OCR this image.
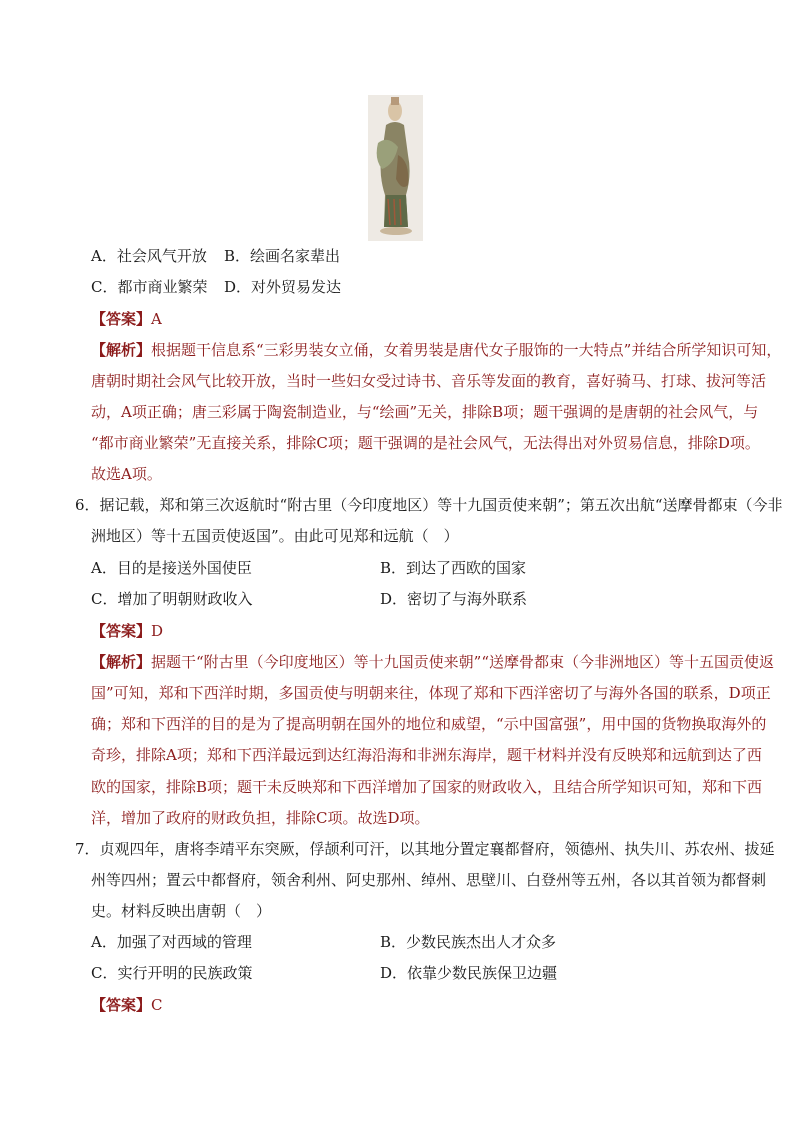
A．社会风气开放 B．绘画名家辈出
C．都市商业繁荣 D．对外贸易发达
【答案】A
【解析】根据题干信息系“三彩男装女立俑，女着男装是唐代女子服饰的一大特点”并结合所学知识可知，
唐朝时期社会风气比较开放，当时一些妇女受过诗书、音乐等发面的教育，喜好骑马、打球、拔河等活
动，A项正确；唐三彩属于陶瓷制造业，与“绘画”无关，排除B项；题干强调的是唐朝的社会风气，与
“都市商业繁荣”无直接关系，排除C项；题干强调的是社会风气，无法得出对外贸易信息，排除D项。
故选A项。
6．据记载，郑和第三次返航时“附古里（今印度地区）等十九国贡使来朝”；第五次出航“送摩骨都束（今非
洲地区）等十五国贡使返国”。由此可见郑和远航（　）
A．目的是接送外国使臣	B．到达了西欧的国家
C．增加了明朝财政收入	D．密切了与海外联系
【答案】D
【解析】据题干“附古里（今印度地区）等十九国贡使来朝”“送摩骨都束（今非洲地区）等十五国贡使返
国”可知，郑和下西洋时期，多国贡使与明朝来往，体现了郑和下西洋密切了与海外各国的联系，D项正
确；郑和下西洋的目的是为了提高明朝在国外的地位和威望，“示中国富强”，用中国的货物换取海外的
奇珍，排除A项；郑和下西洋最远到达红海沿海和非洲东海岸，题干材料并没有反映郑和远航到达了西
欧的国家，排除B项；题干未反映郑和下西洋增加了国家的财政收入，且结合所学知识可知，郑和下西
洋，增加了政府的财政负担，排除C项。故选D项。
7．贞观四年，唐将李靖平东突厥，俘颉利可汗，以其地分置定襄都督府，领德州、执失川、苏农州、拔延
州等四州；置云中都督府，领舍利州、阿史那州、绰州、思壁川、白登州等五州，各以其首领为都督刺
史。材料反映出唐朝（　）
A．加强了对西域的管理	B．少数民族杰出人才众多
C．实行开明的民族政策	D．依靠少数民族保卫边疆
【答案】C
